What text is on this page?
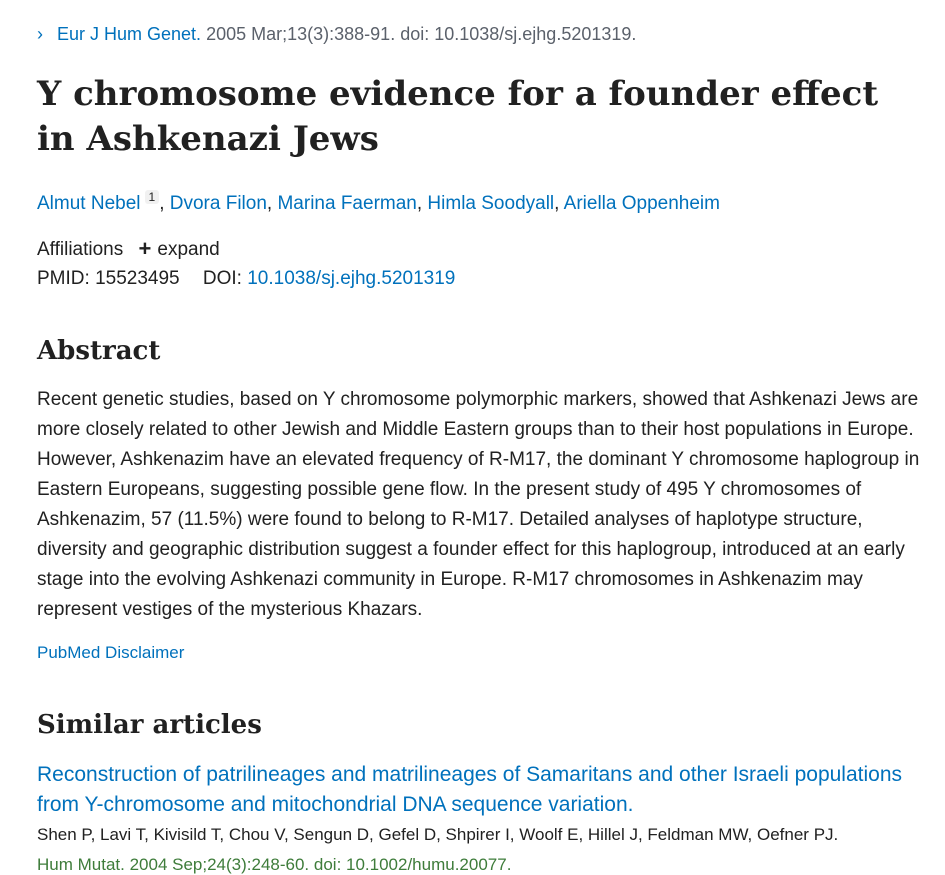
› Eur J Hum Genet. 2005 Mar;13(3):388-91. doi: 10.1038/sj.ejhg.5201319.
Y chromosome evidence for a founder effect in Ashkenazi Jews
Almut Nebel $^1$ , Dvora Filon, Marina Faerman, Himla Soodyall, Ariella Oppenheim
Affiliations + expand
PMID: 15523495 DOI: 10.1038/sj.ejhg.5201319
Abstract

Recent genetic studies, based on Y chromosome polymorphic markers, showed that Ashkenazi Jews are more closely related to other Jewish and Middle Eastern groups than to their host populations in Europe. However, Ashkenazim have an elevated frequency of R-M17, the dominant Y chromosome haplogroup in Eastern Europeans, suggesting possible gene flow. In the present study of 495 Y chromosomes of Ashkenazim, 57 (11.5%) were found to belong to R-M17. Detailed analyses of haplotype structure, diversity and geographic distribution suggest a founder effect for this haplogroup, introduced at an early stage into the evolving Ashkenazi community in Europe. R-M17 chromosomes in Ashkenazim may represent vestiges of the mysterious Khazars.

PubMed Disclaimer
Similar articles
Reconstruction of patrilineages and matrilineages of Samaritans and other Israeli populations from Y-chromosome and mitochondrial DNA sequence variation.
Shen P, Lavi T, Kivisild T, Chou V, Sengun D, Gefel D, Shpirer I, Woolf E, Hillel J, Feldman MW, Oefner PJ.
Hum Mutat. 2004 Sep;24(3):248-60. doi: 10.1002/humu.20077.
